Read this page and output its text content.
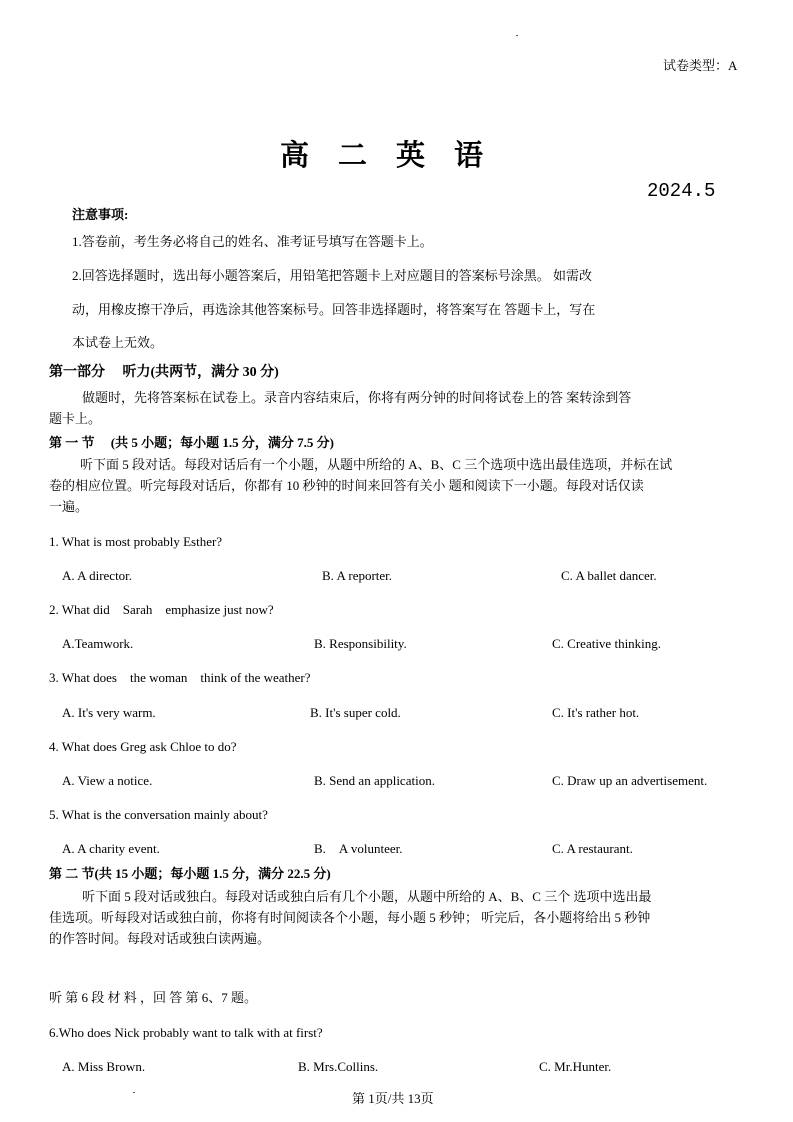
试卷类型：A
高　二　英　语
2024.5
注意事项:
1.答卷前，考生务必将自己的姓名、准考证号填写在答题卡上。
2.回答选择题时，选出每小题答案后，用铅笔把答题卡上对应题目的答案标号涂黑。 如需改
动，用橡皮擦干净后，再选涂其他答案标号。回答非选择题时，将答案写在 答题卡上，写在
本试卷上无效。
第一部分　 听力(共两节，满分 30 分)
做题时，先将答案标在试卷上。录音内容结束后，你将有两分钟的时间将试卷上的答 案转涂到答
题卡上。
第 一 节　 (共 5 小题；每小题 1.5 分，满分 7.5 分)
听下面 5 段对话。每段对话后有一个小题，从题中所给的 A、B、C 三个选项中选出最佳选项，并标在试
卷的相应位置。听完每段对话后，你都有 10 秒钟的时间来回答有关小 题和阅读下一小题。每段对话仅读
一遍。
1. What is most probably Esther?
A. A director.	B. A reporter.	C. A ballet dancer.
2. What did　Sarah　emphasize just now?
A.Teamwork.	B. Responsibility.	C. Creative thinking.
3. What does　the woman　think of the weather?
A. It's very warm.	B. It's super cold.	C. It's rather hot.
4. What does Greg ask Chloe to do?
A. View a notice.	B. Send an application.	C. Draw up an advertisement.
5. What is the conversation mainly about?
A. A charity event.	B.　A volunteer.	C. A restaurant.
第 二 节(共 15 小题；每小题 1.5 分，满分 22.5 分)
听下面 5 段对话或独白。每段对话或独白后有几个小题，从题中所给的 A、B、C 三个 选项中选出最
佳选项。听每段对话或独白前，你将有时间阅读各个小题，每小题 5 秒钟； 听完后，各小题将给出 5 秒钟
的作答时间。每段对话或独白读两遍。
听 第 6 段 材 料 ，回 答 第 6、7 题。
6.Who does Nick probably want to talk with at first?
A. Miss Brown.	B. Mrs.Collins.	C. Mr.Hunter.
第 1页/共 13页
